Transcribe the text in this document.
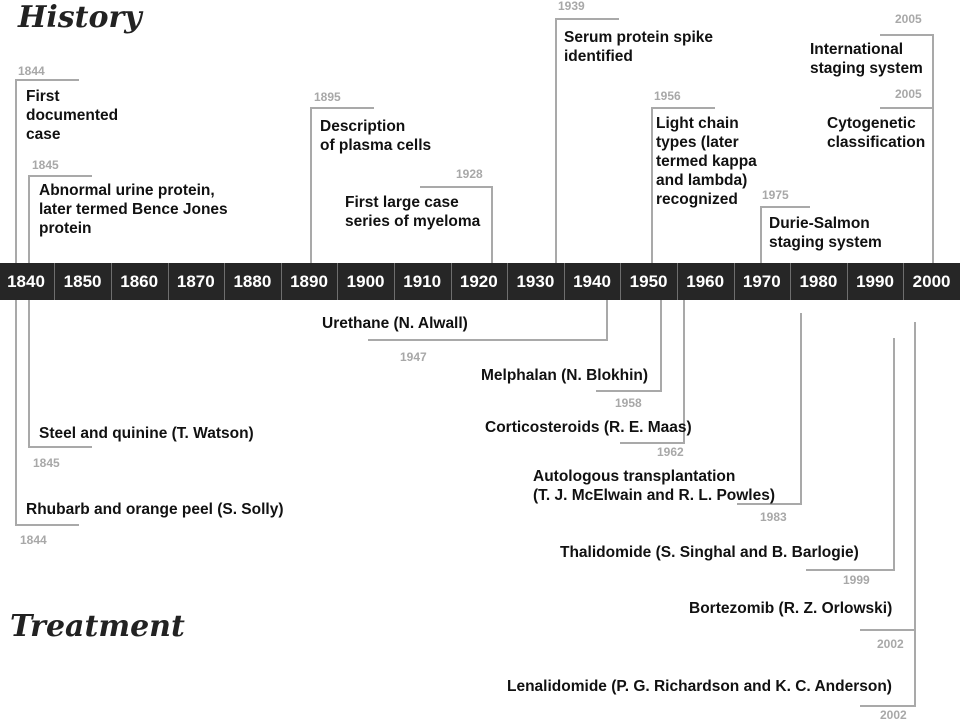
History
Treatment
1844
First
documented
case
1845
Abnormal urine protein,
later termed Bence Jones
protein
1895
Description
of plasma cells
1928
First large case
series of myeloma
1939
Serum protein spike
identified
1956
Light chain
types (later
termed kappa
and lambda)
recognized	1975
Durie-Salmon
staging system
2005
International
staging system
2005
Cytogenetic
classification
1840	1850	1860	1870	1880	1890	1900	1910	1920	1930	1940	1950	1960	1970	1980	1990	2000
Urethane (N. Alwall)
1947
Melphalan (N. Blokhin)
1958
Corticosteroids (R. E. Maas)
1962
Autologous transplantation
(T. J. McElwain and R. L. Powles)
1983
Thalidomide (S. Singhal and B. Barlogie)
1999
Bortezomib (R. Z. Orlowski)
2002
Lenalidomide (P. G. Richardson and K. C. Anderson)
2002
Steel and quinine (T. Watson)
1845
Rhubarb and orange peel (S. Solly)
1844
